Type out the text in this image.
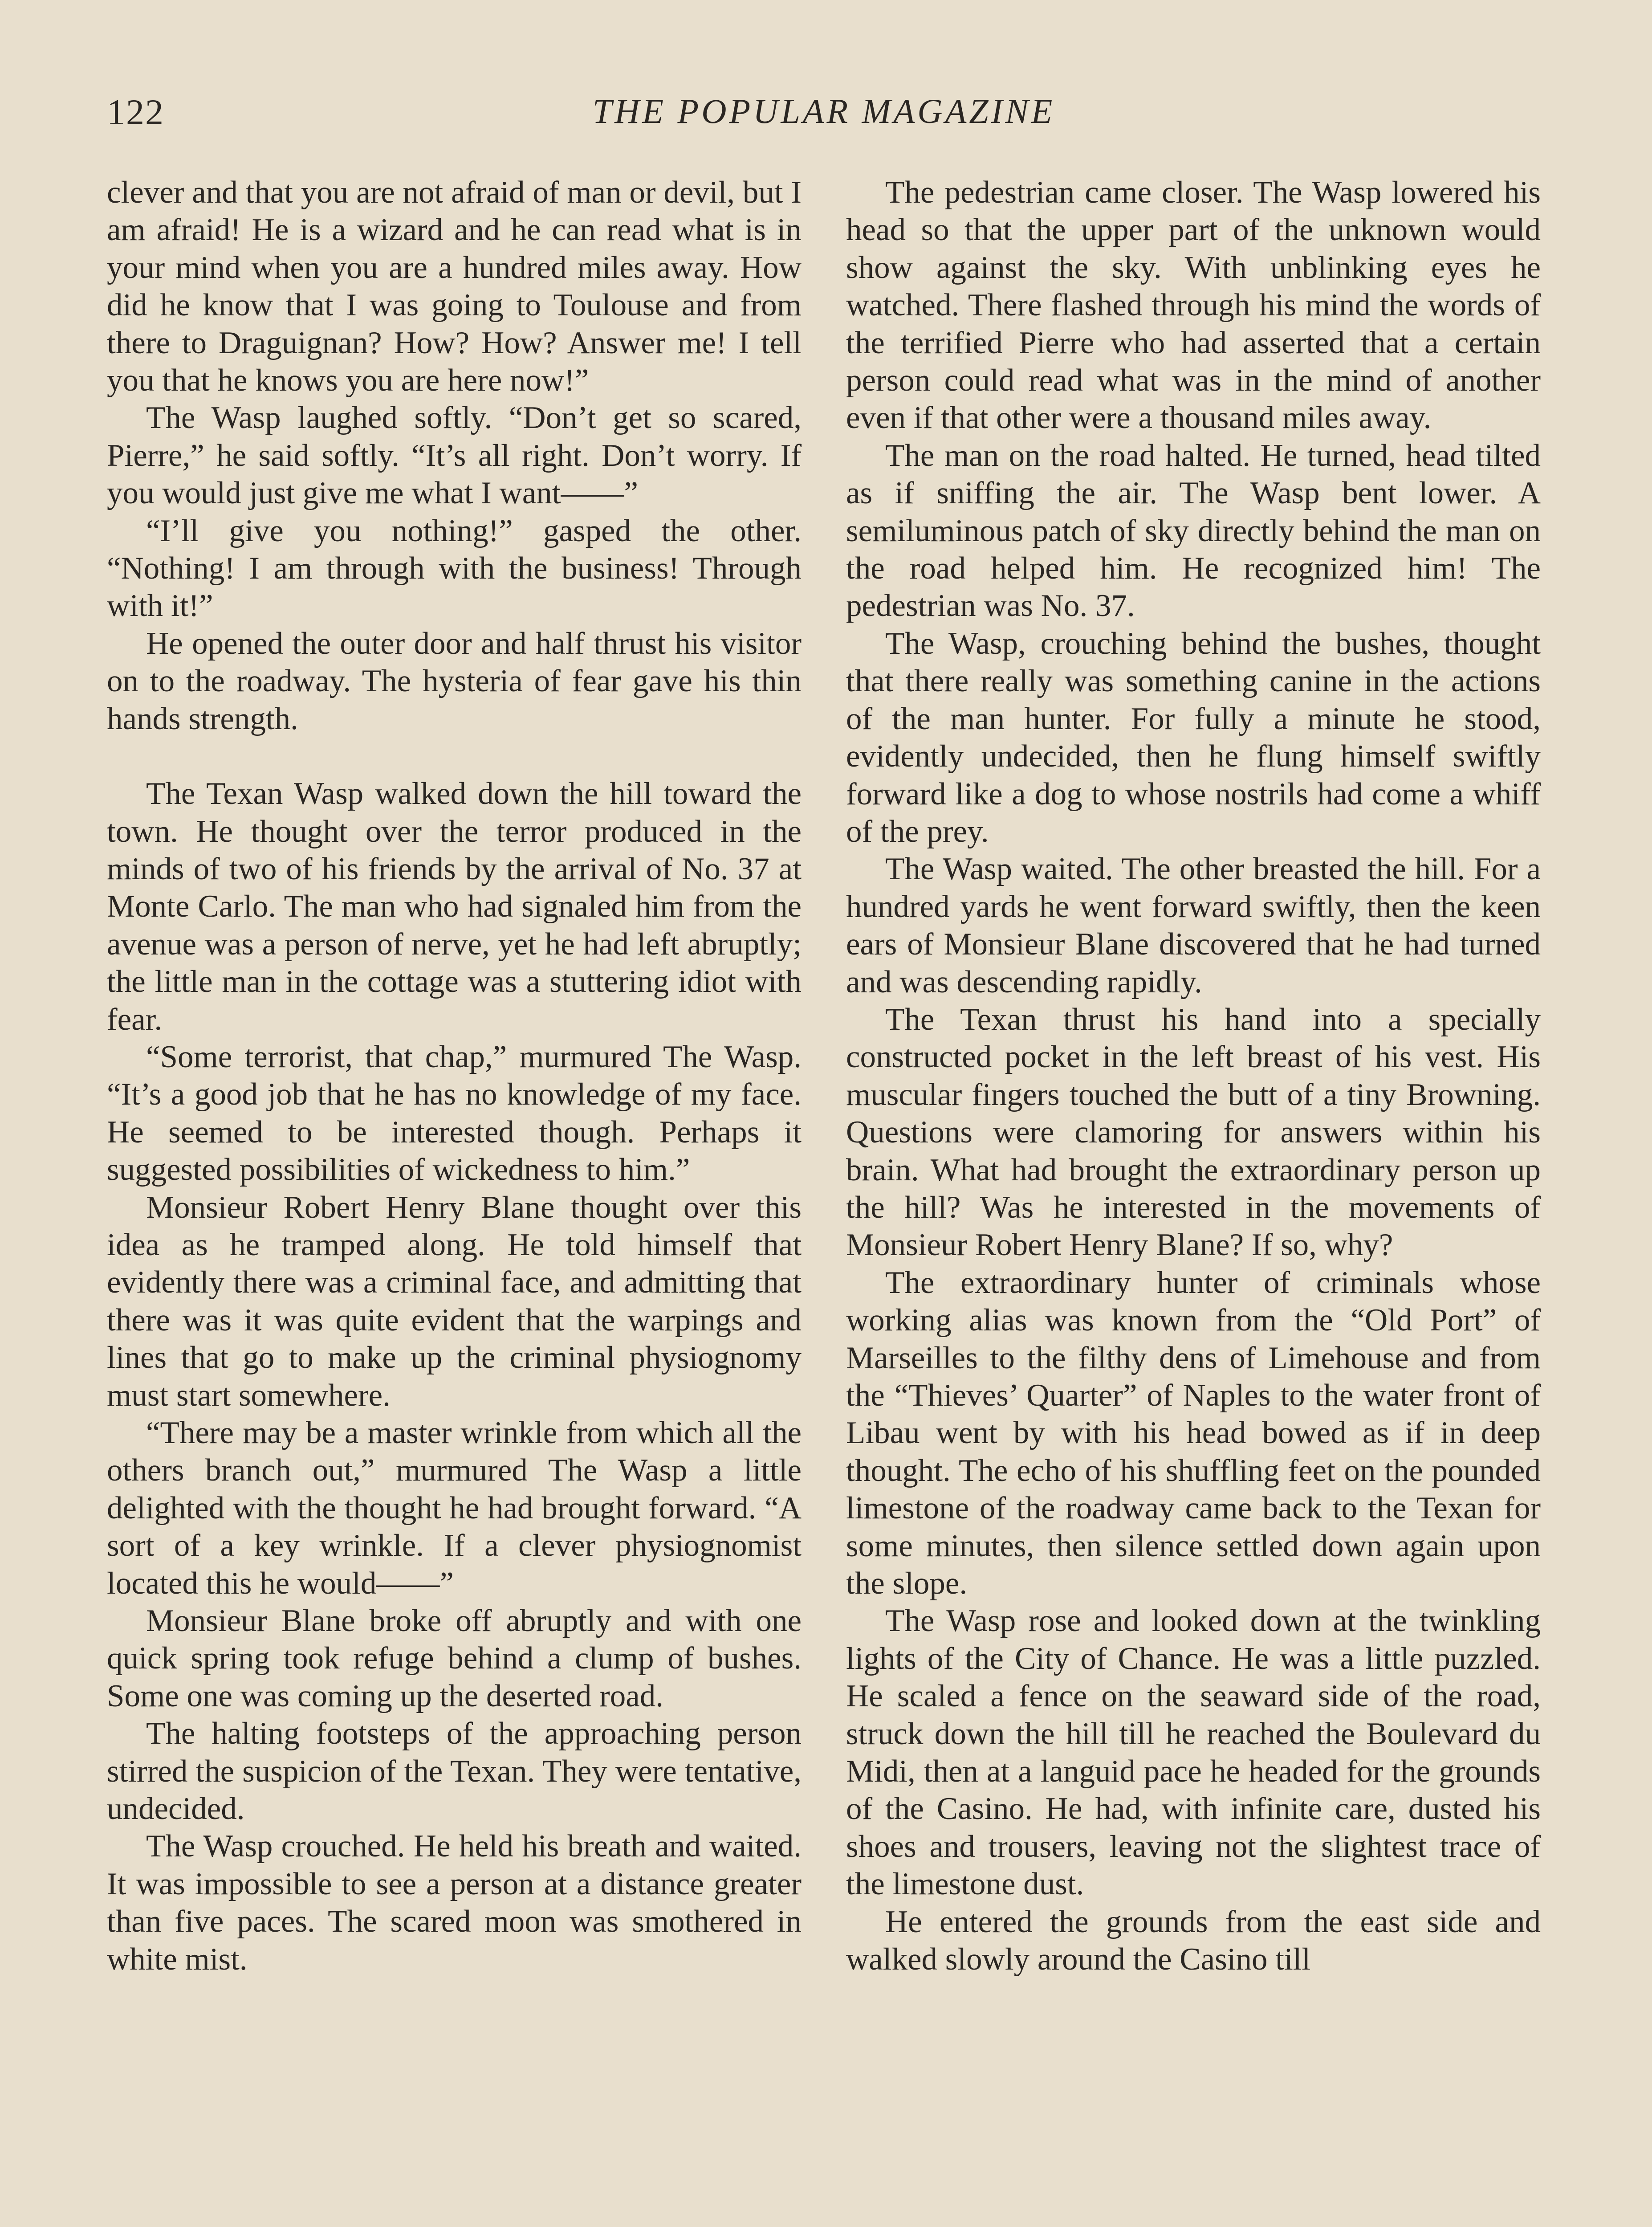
122	THE POPULAR MAGAZINE

clever and that you are not afraid of man or devil, but I am afraid! He is a wizard and he can read what is in your mind when you are a hundred miles away. How did he know that I was going to Toulouse and from there to Draguignan? How? How? Answer me! I tell you that he knows you are here now!”

The Wasp laughed softly. “Don’t get so scared, Pierre,” he said softly. “It’s all right. Don’t worry. If you would just give me what I want——”

“I’ll give you nothing!” gasped the other. “Nothing! I am through with the business! Through with it!”

He opened the outer door and half thrust his visitor on to the roadway. The hysteria of fear gave his thin hands strength.

The Texan Wasp walked down the hill toward the town. He thought over the terror produced in the minds of two of his friends by the arrival of No. 37 at Monte Carlo. The man who had signaled him from the avenue was a person of nerve, yet he had left abruptly; the little man in the cottage was a stuttering idiot with fear.

“Some terrorist, that chap,” murmured The Wasp. “It’s a good job that he has no knowledge of my face. He seemed to be interested though. Perhaps it suggested possibilities of wickedness to him.”

Monsieur Robert Henry Blane thought over this idea as he tramped along. He told himself that evidently there was a criminal face, and admitting that there was it was quite evident that the warpings and lines that go to make up the criminal physiognomy must start somewhere.

“There may be a master wrinkle from which all the others branch out,” murmured The Wasp a little delighted with the thought he had brought forward. “A sort of a key wrinkle. If a clever physiognomist located this he would——”

Monsieur Blane broke off abruptly and with one quick spring took refuge behind a clump of bushes. Some one was coming up the deserted road.

The halting footsteps of the approaching person stirred the suspicion of the Texan. They were tentative, undecided.

The Wasp crouched. He held his breath and waited. It was impossible to see a person at a distance greater than five paces. The scared moon was smothered in white mist.

The pedestrian came closer. The Wasp lowered his head so that the upper part of the unknown would show against the sky. With unblinking eyes he watched. There flashed through his mind the words of the terrified Pierre who had asserted that a certain person could read what was in the mind of another even if that other were a thousand miles away.

The man on the road halted. He turned, head tilted as if sniffing the air. The Wasp bent lower. A semiluminous patch of sky directly behind the man on the road helped him. He recognized him! The pedestrian was No. 37.

The Wasp, crouching behind the bushes, thought that there really was something canine in the actions of the man hunter. For fully a minute he stood, evidently undecided, then he flung himself swiftly forward like a dog to whose nostrils had come a whiff of the prey.

The Wasp waited. The other breasted the hill. For a hundred yards he went forward swiftly, then the keen ears of Monsieur Blane discovered that he had turned and was descending rapidly.

The Texan thrust his hand into a specially constructed pocket in the left breast of his vest. His muscular fingers touched the butt of a tiny Browning. Questions were clamoring for answers within his brain. What had brought the extraordinary person up the hill? Was he interested in the movements of Monsieur Robert Henry Blane? If so, why?

The extraordinary hunter of criminals whose working alias was known from the “Old Port” of Marseilles to the filthy dens of Limehouse and from the “Thieves’ Quarter” of Naples to the water front of Libau went by with his head bowed as if in deep thought. The echo of his shuffling feet on the pounded limestone of the roadway came back to the Texan for some minutes, then silence settled down again upon the slope.

The Wasp rose and looked down at the twinkling lights of the City of Chance. He was a little puzzled. He scaled a fence on the seaward side of the road, struck down the hill till he reached the Boulevard du Midi, then at a languid pace he headed for the grounds of the Casino. He had, with infinite care, dusted his shoes and trousers, leaving not the slightest trace of the limestone dust.

He entered the grounds from the east side and walked slowly around the Casino till
